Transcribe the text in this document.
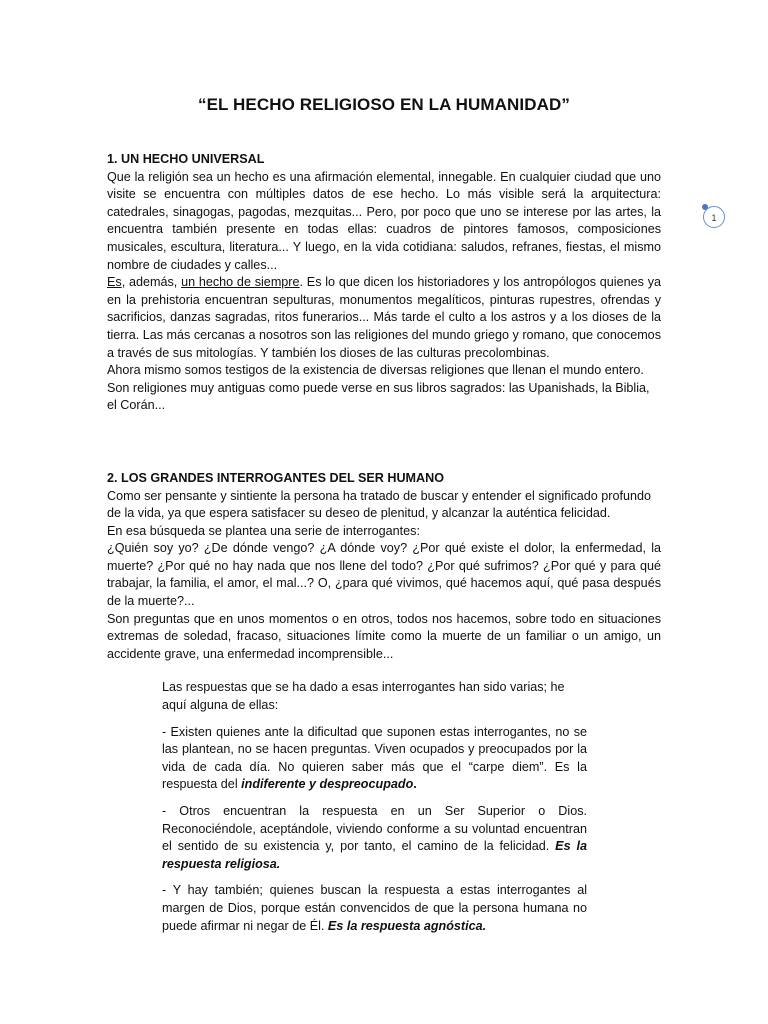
“EL HECHO RELIGIOSO EN LA HUMANIDAD”
1. UN HECHO UNIVERSAL

Que la religión sea un hecho es una afirmación elemental, innegable. En cualquier ciudad que uno visite se encuentra con múltiples datos de ese hecho. Lo más visible será la arquitectura: catedrales, sinagogas, pagodas, mezquitas... Pero, por poco que uno se interese por las artes, la encuentra también presente en todas ellas: cuadros de pintores famosos, composiciones musicales, escultura, literatura... Y luego, en la vida cotidiana: saludos, refranes, fiestas, el mismo nombre de ciudades y calles...

Es, además, un hecho de siempre. Es lo que dicen los historiadores y los antropólogos quienes ya en la prehistoria encuentran sepulturas, monumentos megalíticos, pinturas rupestres, ofrendas y sacrificios, danzas sagradas, ritos funerarios... Más tarde el culto a los astros y a los dioses de la tierra. Las más cercanas a nosotros son las religiones del mundo griego y romano, que conocemos a través de sus mitologías. Y también los dioses de las culturas precolombinas.

Ahora mismo somos testigos de la existencia de diversas religiones que llenan el mundo entero. Son religiones muy antiguas como puede verse en sus libros sagrados: las Upanishads, la Biblia, el Corán...

2. LOS GRANDES INTERROGANTES DEL SER HUMANO

Como ser pensante y sintiente la persona ha tratado de buscar y entender el significado profundo de la vida, ya que espera satisfacer su deseo de plenitud, y alcanzar la auténtica felicidad.

En esa búsqueda se plantea una serie de interrogantes:

¿Quién soy yo? ¿De dónde vengo? ¿A dónde voy? ¿Por qué existe el dolor, la enfermedad, la muerte? ¿Por qué no hay nada que nos llene del todo? ¿Por qué sufrimos? ¿Por qué y para qué trabajar, la familia, el amor, el mal...? O, ¿para qué vivimos, qué hacemos aquí, qué pasa después de la muerte?...

Son preguntas que en unos momentos o en otros, todos nos hacemos, sobre todo en situaciones extremas de soledad, fracaso, situaciones límite como la muerte de un familiar o un amigo, un accidente grave, una enfermedad incomprensible...

Las respuestas que se ha dado a esas interrogantes han sido varias; he aquí alguna de ellas:

- Existen quienes ante la dificultad que suponen estas interrogantes, no se las plantean, no se hacen preguntas. Viven ocupados y preocupados por la vida de cada día. No quieren saber más que el “carpe diem”. Es la respuesta del indiferente y despreocupado.

- Otros encuentran la respuesta en un Ser Superior o Dios. Reconociéndole, aceptándole, viviendo conforme a su voluntad encuentran el sentido de su existencia y, por tanto, el camino de la felicidad. Es la respuesta religiosa.

- Y hay también; quienes buscan la respuesta a estas interrogantes al margen de Dios, porque están convencidos de que la persona humana no puede afirmar ni negar de Él. Es la respuesta agnóstica.

1
